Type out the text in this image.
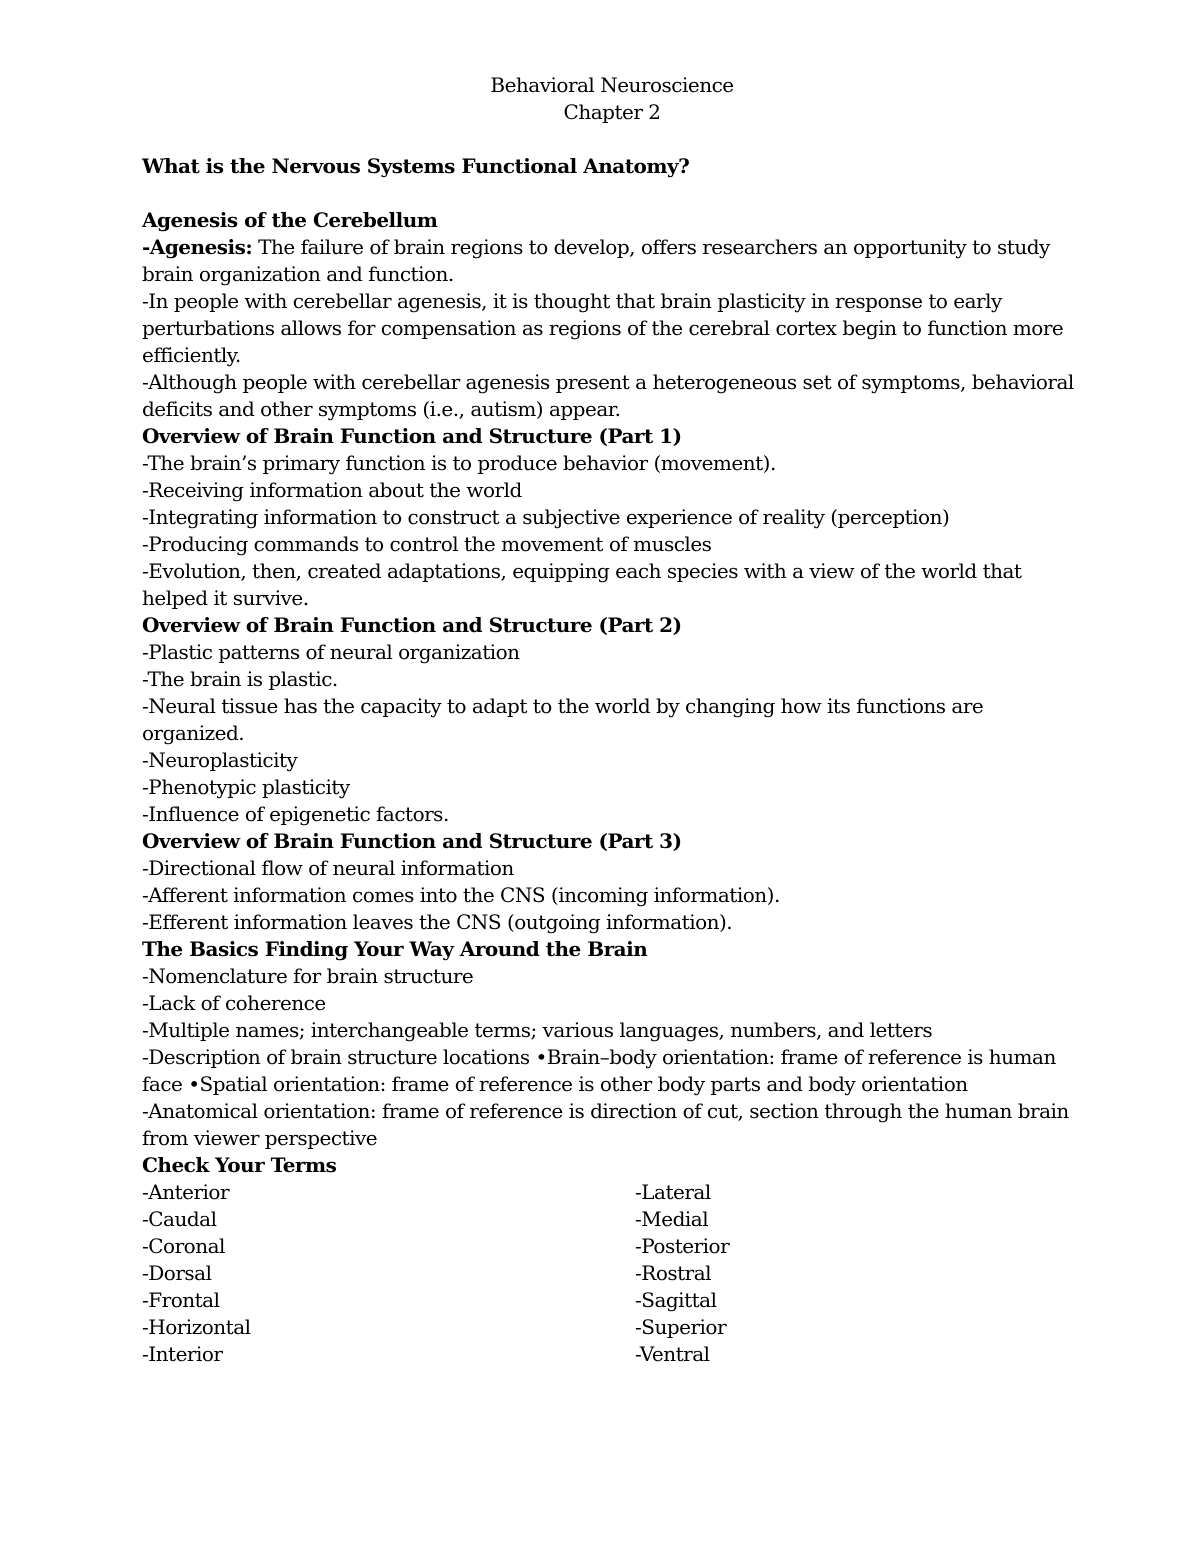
Behavioral Neuroscience
Chapter 2
What is the Nervous Systems Functional Anatomy?
Agenesis of the Cerebellum

-Agenesis: The failure of brain regions to develop, offers researchers an opportunity to study brain organization and function.

-In people with cerebellar agenesis, it is thought that brain plasticity in response to early perturbations allows for compensation as regions of the cerebral cortex begin to function more efficiently.

-Although people with cerebellar agenesis present a heterogeneous set of symptoms, behavioral deficits and other symptoms (i.e., autism) appear.

Overview of Brain Function and Structure (Part 1)

-The brain’s primary function is to produce behavior (movement).

-Receiving information about the world

-Integrating information to construct a subjective experience of reality (perception)

-Producing commands to control the movement of muscles

-Evolution, then, created adaptations, equipping each species with a view of the world that helped it survive.

Overview of Brain Function and Structure (Part 2)

-Plastic patterns of neural organization

-The brain is plastic.

-Neural tissue has the capacity to adapt to the world by changing how its functions are organized.

-Neuroplasticity

-Phenotypic plasticity

-Influence of epigenetic factors.

Overview of Brain Function and Structure (Part 3)

-Directional flow of neural information

-Afferent information comes into the CNS (incoming information).

-Efferent information leaves the CNS (outgoing information).

The Basics Finding Your Way Around the Brain

-Nomenclature for brain structure

-Lack of coherence

-Multiple names; interchangeable terms; various languages, numbers, and letters

-Description of brain structure locations •Brain–body orientation: frame of reference is human face •Spatial orientation: frame of reference is other body parts and body orientation

-Anatomical orientation: frame of reference is direction of cut, section through the human brain from viewer perspective

Check Your Terms
-Anterior
-Caudal
-Coronal
-Dorsal
-Frontal
-Horizontal
-Interior
-Lateral
-Medial
-Posterior
-Rostral
-Sagittal
-Superior
-Ventral
